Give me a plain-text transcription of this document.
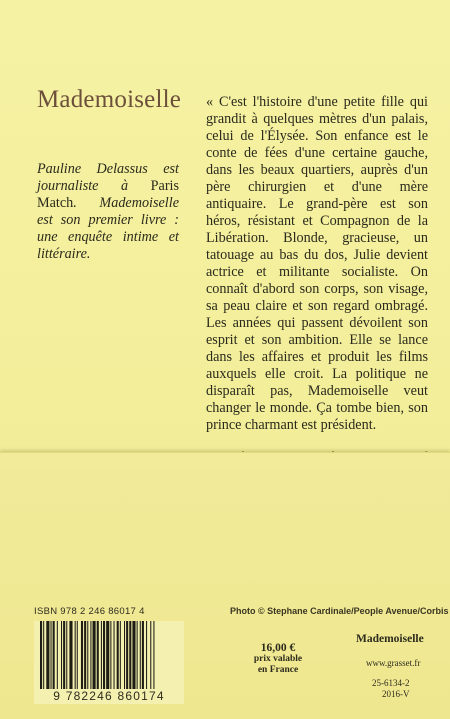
Mademoiselle
Pauline Delassus est journaliste à Paris Match. Mademoiselle est son premier livre : une enquête intime et littéraire.

« C'est l'histoire d'une petite fille qui grandit à quelques mètres d'un palais, celui de l'Élysée. Son enfance est le conte de fées d'une certaine gauche, dans les beaux quartiers, auprès d'un père chirurgien et d'une mère antiquaire. Le grand-père est son héros, résistant et Compagnon de la Libération. Blonde, gracieuse, un tatouage au bas du dos, Julie devient actrice et militante socialiste. On connaît d'abord son corps, son visage, sa peau claire et son regard ombragé. Les années qui passent dévoilent son esprit et son ambition. Elle se lance dans les affaires et produit les films auxquels elle croit. La politique ne disparaît pas, Mademoiselle veut changer le monde. Ça tombe bien, son prince charmant est président.

Photo © Stephane Cardinale/People Avenue/Corbis
ISBN 978 2 246 86017 4
9 782246 860174
16,00 €
prix valable
en France
Mademoiselle
www.grasset.fr
25-6134-2
2016-V
